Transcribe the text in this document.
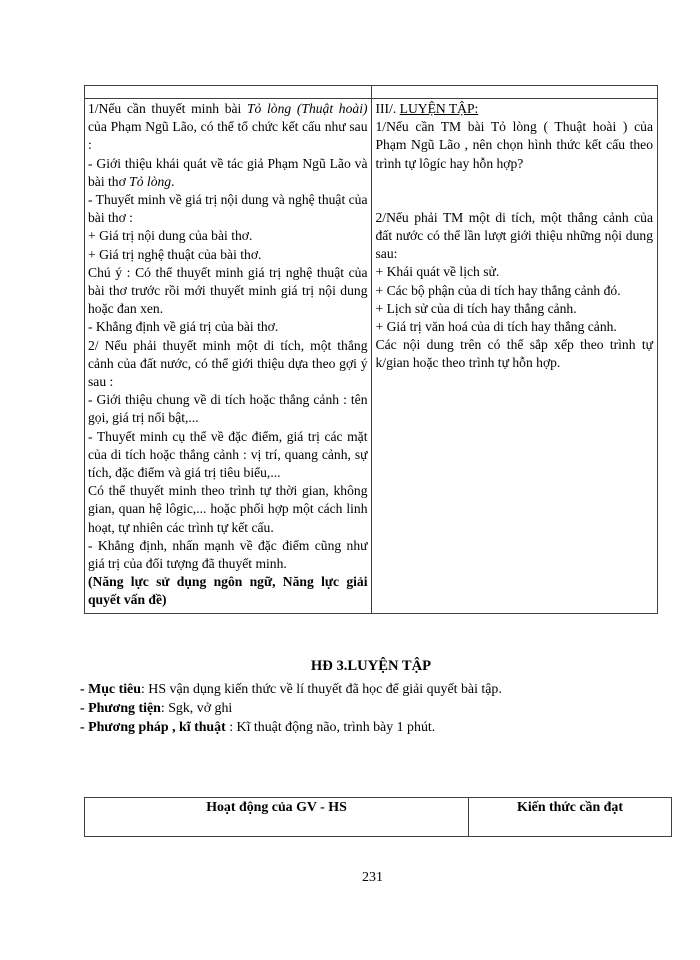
1/Nếu cần thuyết minh bài Tỏ lòng (Thuật hoài) của Phạm Ngũ Lão, có thể tổ chức kết cấu như sau :

- Giới thiệu khái quát về tác giả Phạm Ngũ Lão và bài thơ Tỏ lòng.

- Thuyết minh về giá trị nội dung và nghệ thuật của bài thơ :

+ Giá trị nội dung của bài thơ.

+ Giá trị nghệ thuật của bài thơ.

Chú ý : Có thể thuyết minh giá trị nghệ thuật của bài thơ trước rồi mới thuyết minh giá trị nội dung hoặc đan xen.

- Khẳng định về giá trị của bài thơ.

2/ Nếu phải thuyết minh một di tích, một thắng cảnh của đất nước, có thể giới thiệu dựa theo gợi ý sau :

- Giới thiệu chung về di tích hoặc thắng cảnh : tên gọi, giá trị nổi bật,...

- Thuyết minh cụ thể về đặc điểm, giá trị các mặt của di tích hoặc thắng cảnh : vị trí, quang cảnh, sự tích, đặc điểm và giá trị tiêu biểu,...

Có thể thuyết minh theo trình tự thời gian, không gian, quan hệ lôgic,... hoặc phối hợp một cách linh hoạt, tự nhiên các trình tự kết cấu.

- Khẳng định, nhấn mạnh về đặc điểm cũng như giá trị của đối tượng đã thuyết minh.

(Năng lực sử dụng ngôn ngữ, Năng lực giải quyết vấn đề)

III/. LUYỆN TẬP:

1/Nếu cần TM bài Tỏ lòng ( Thuật hoài ) của Phạm Ngũ Lão , nên chọn hình thức kết cấu theo trình tự lôgíc hay hỗn hợp?

2/Nếu phải TM một di tích, một thắng cảnh của đất nước có thể lần lượt giới thiệu những nội dung sau:

+ Khái quát về lịch sử.

+ Các bộ phận của di tích hay thắng cảnh đó.

+ Lịch sử của di tích hay thắng cảnh.

+ Giá trị văn hoá của di tích hay thắng cảnh.

Các nội dung trên có thể sắp xếp theo trình tự k/gian hoặc theo trình tự hỗn hợp.

HĐ 3.LUYỆN TẬP

- Mục tiêu: HS vận dụng kiến thức về lí thuyết đã học để giải quyết bài tập.

- Phương tiện: Sgk, vở ghi

- Phương pháp , kĩ thuật : Kĩ thuật động não, trình bày 1 phút.

Hoạt động của GV - HS	Kiến thức cần đạt
231
